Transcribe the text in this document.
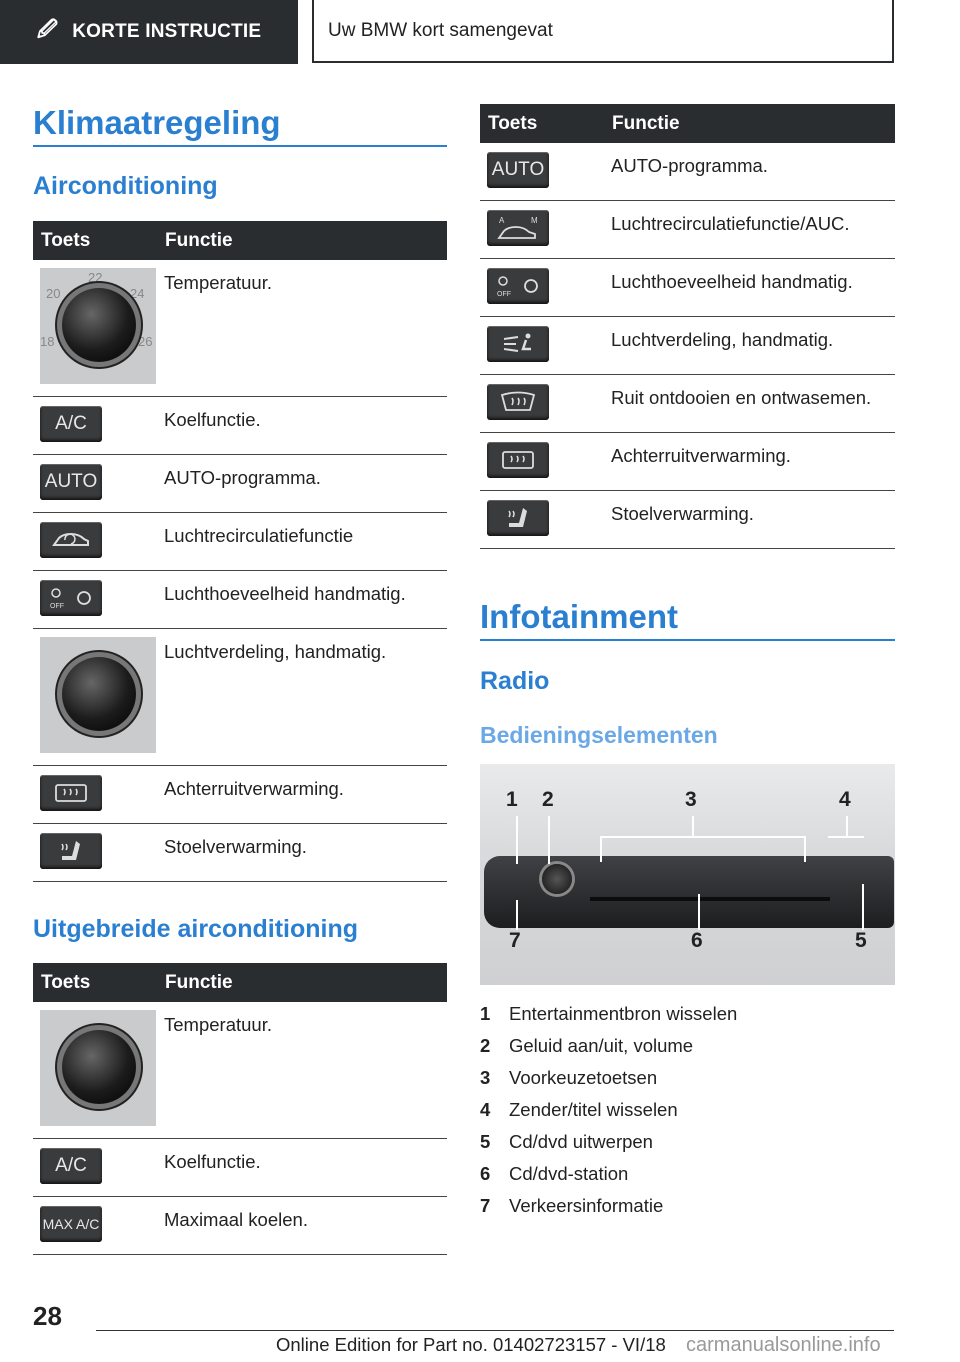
🖉 KORTE INSTRUCTIE	Uw BMW kort samengevat
Klimaatregeling
Airconditioning
Toets	Functie

20
22
24
18 26	Temperatuur.

A/C	Koelfunctie.

AUTO	AUTO-programma.

	Luchtrecirculatiefunctie

OFF	Luchthoeveelheid handmatig.

	Luchtverdeling, handmatig.

	Achterruitverwarming.

	Stoelverwarming.
Uitgebreide airconditioning
Toets	Functie

	Temperatuur.

A/C	Koelfunctie.

MAX A/C	Maximaal koelen.
Toets	Functie

AUTO	AUTO-programma.

A M	Luchtrecirculatiefunctie/AUC.

OFF	Luchthoeveelheid handmatig.

	Luchtverdeling, handmatig.

	Ruit ontdooien en ontwasemen.

	Achterruitverwarming.

	Stoelverwarming.
Infotainment
Radio
Bedieningselementen
1 2	3	4
5
6
7
1	Entertainmentbron wisselen
2	Geluid aan/uit, volume
3	Voorkeuzetoetsen
4	Zender/titel wisselen
5	Cd/dvd uitwerpen
6	Cd/dvd-station
7	Verkeersinformatie
28
Online Edition for Part no. 01402723157 - VI/18 carmanualsonline.info
